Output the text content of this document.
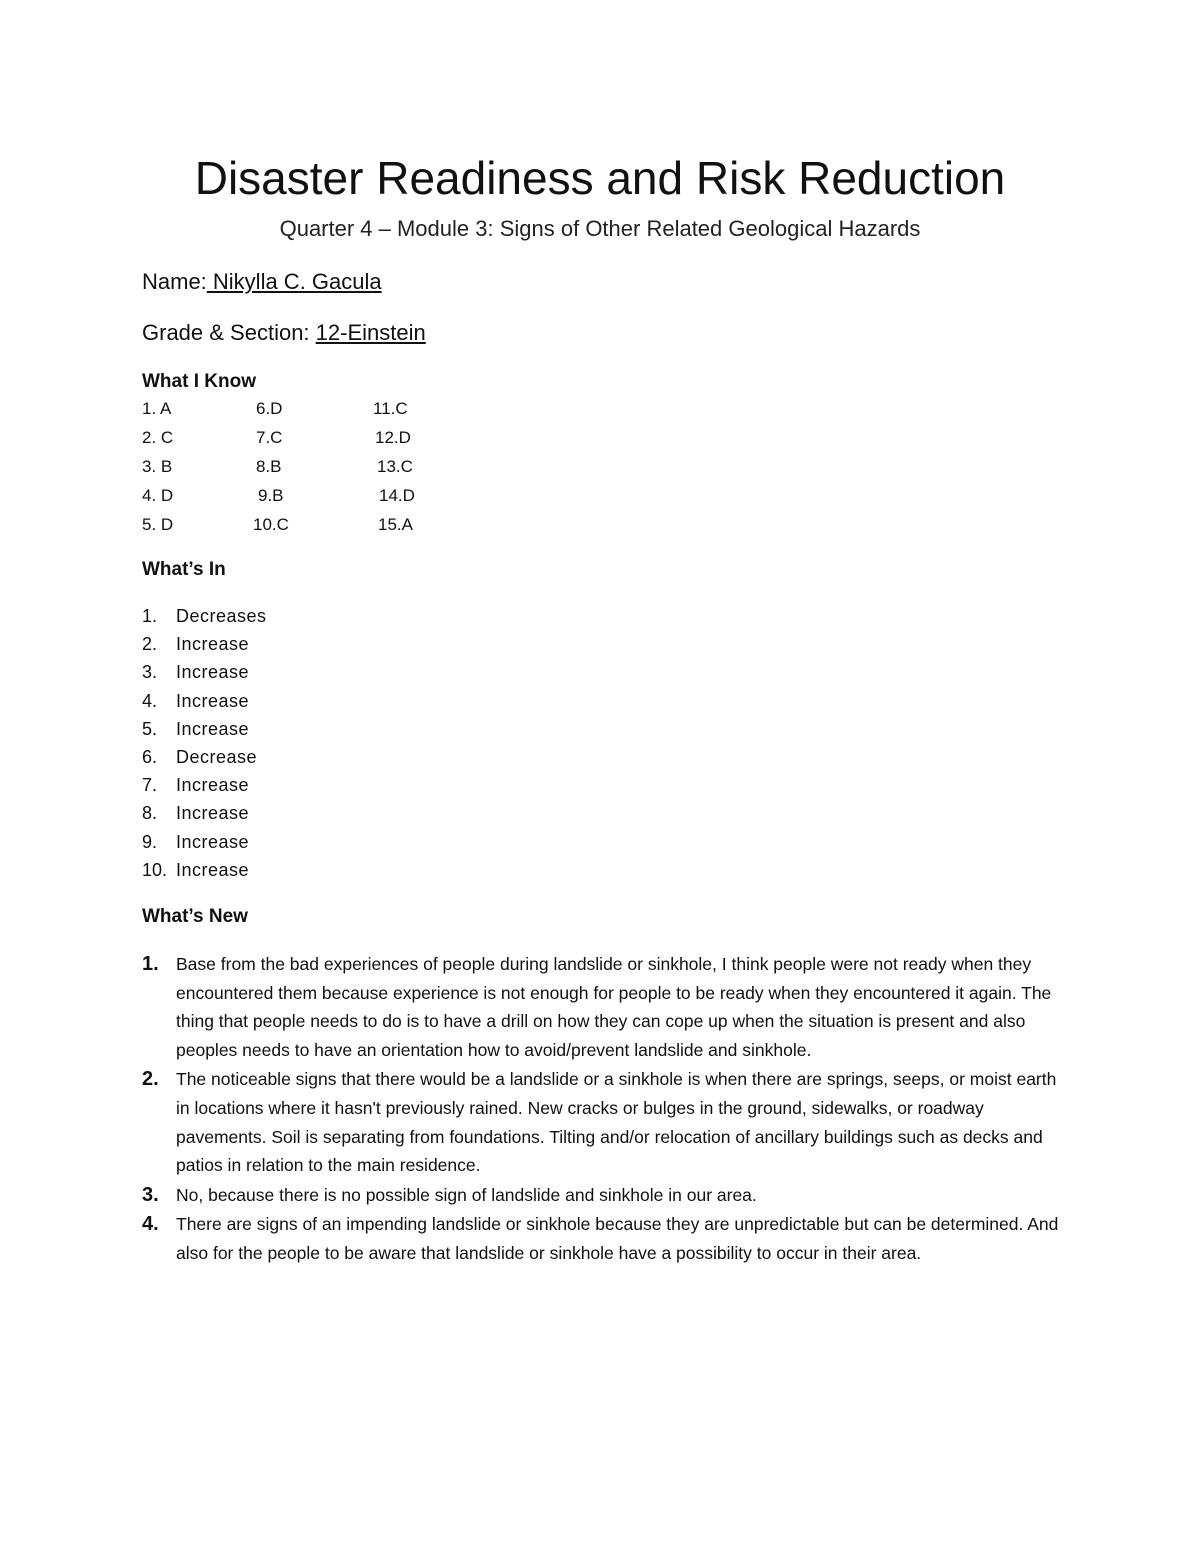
Disaster Readiness and Risk Reduction
Quarter 4 – Module 3: Signs of Other Related Geological Hazards
Name: Nikylla C. Gacula
Grade & Section: 12-Einstein
What I Know
1. A	6.D	11.C
2. C	7.C	12.D
3. B	8.B	13.C
4. D	9.B	14.D
5. D	10.C	15.A
What’s In
1. Decreases
2. Increase
3. Increase
4. Increase
5. Increase
6. Decrease
7. Increase
8. Increase
9. Increase
10. Increase
What’s New
1. Base from the bad experiences of people during landslide or sinkhole, I think people were not ready when they encountered them because experience is not enough for people to be ready when they encountered it again. The thing that people needs to do is to have a drill on how they can cope up when the situation is present and also peoples needs to have an orientation how to avoid/prevent landslide and sinkhole.
2. The noticeable signs that there would be a landslide or a sinkhole is when there are springs, seeps, or moist earth in locations where it hasn't previously rained. New cracks or bulges in the ground, sidewalks, or roadway pavements. Soil is separating from foundations. Tilting and/or relocation of ancillary buildings such as decks and patios in relation to the main residence.
3. No, because there is no possible sign of landslide and sinkhole in our area.
4. There are signs of an impending landslide or sinkhole because they are unpredictable but can be determined. And also for the people to be aware that landslide or sinkhole have a possibility to occur in their area.
